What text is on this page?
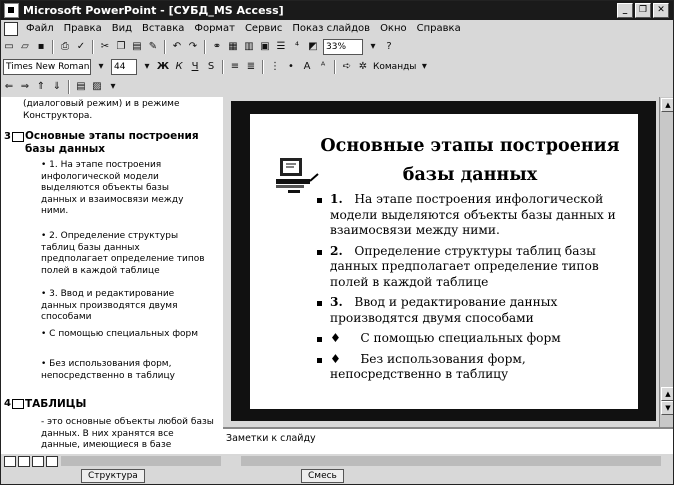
Microsoft PowerPoint - [СУБД_MS Access]	_	❐	✕
Файл	Правка	Вид	Вставка	Формат	Сервис	Показ слайдов	Окно	Справка
▭ ▱ ▪	⎙ ✓ ✂ ❐ ▤ ✎ ↶ ↷ ⚭ ▦ ▥ ▣ ☰ ⁴ ◩ 33%	▾	?
Times New Roman ▾	44	▾ Ж К Ч S	≡ ≣ ⋮ • A	ᴬ	➪ ✲ Команды ▾
⇐ ⇒ ⇑ ⇓ ▤ ▨ ▾
(диалоговый режим) и в режиме Конструктора.
3 Основные этапы построения базы данных
• 1. На этапе построения инфологической модели выделяются объекты базы данных и взаимосвязи между ними.
• 2. Определение структуры таблиц базы данных предполагает определение типов полей в каждой таблице
• 3. Ввод и редактирование данных производятся двумя способами
• С помощью специальных форм
• Без использования форм, непосредственно в таблицу
4 ТАБЛИЦЫ
- это основные объекты любой базы данных. В них хранятся все
данные, имеющиеся в базе
Основные этапы построения базы данных
1. На этапе построения инфологической модели выделяются объекты базы данных и взаимосвязи между ними.
2. Определение структуры таблиц базы данных предполагает определение типов полей в каждой таблице
3. Ввод и редактирование данных производятся двумя способами
♦ С помощью специальных форм
♦ Без использования форм, непосредственно в таблицу
▲
▲
▼
Заметки к слайду
Структура	Смесь
